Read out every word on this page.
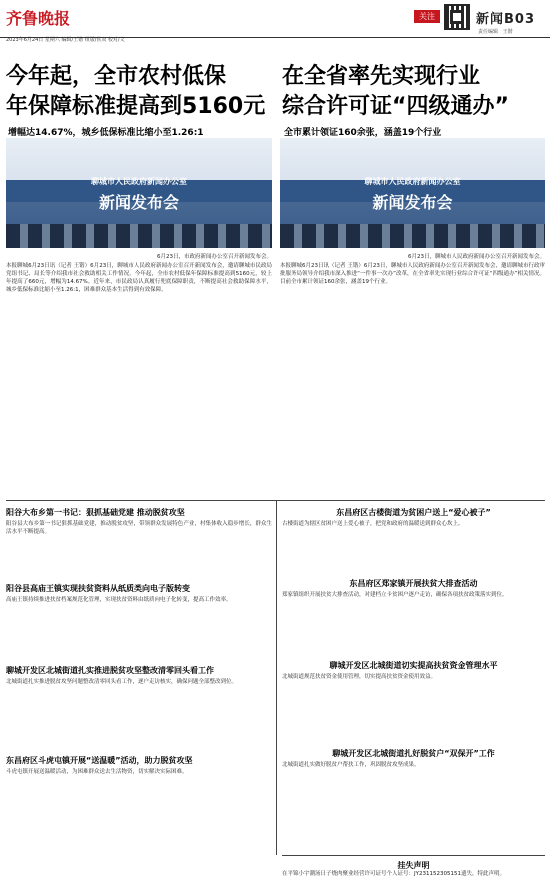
齐鲁晚报	关注	新闻B03
责任编辑 王锴
2023年6月24日 星期六 编辑/王锴 组版/侯双 校对/文
今年起，全市农村低保
年保障标准提高到5160元
增幅达14.67%，城乡低保标准比缩小至1.26:1
在全省率先实现行业
综合许可证“四级通办”
全市累计领证160余张，涵盖19个行业
聊城市人民政府新闻办公室
新闻发布会
6月23日，市政府新闻办公室召开新闻发布会。
聊城市人民政府新闻办公室
新闻发布会
6月23日，聊城市人民政府新闻办公室召开新闻发布会。
本报聊城6月23日讯（记者 王锴）6月23日，聊城市人民政府新闻办公室召开新闻发布会，邀请聊城市民政局党组书记、局长等介绍我市社会救助相关工作情况。今年起，全市农村低保年保障标准提高到5160元，较上年提高了660元，增幅为14.67%。近年来，市民政局认真履行兜底保障职责，不断提高社会救助保障水平，城乡低保标准比缩小至1.26:1，困难群众基本生活得到有效保障。
本报聊城6月23日讯（记者 王锴）6月23日，聊城市人民政府新闻办公室召开新闻发布会，邀请聊城市行政审批服务局领导介绍我市深入推进“一件事一次办”改革，在全省率先实现行业综合许可证“四级通办”相关情况。目前全市累计领证160余张，涵盖19个行业。
阳谷大布乡第一书记：狠抓基础党建 推动脱贫攻坚
阳谷县大布乡第一书记狠抓基础党建，推动脱贫攻坚，带领群众发展特色产业，村集体收入稳步增长，群众生活水平不断提高。
阳谷县高庙王镇实现扶贫资料从纸质类向电子版转变
高庙王镇持续推进扶贫档案规范化管理，实现扶贫资料由纸质向电子化转变，提高工作效率。
聊城开发区北城街道扎实推进脱贫攻坚整改清零回头看工作
北城街道扎实推进脱贫攻坚问题整改清零回头看工作，逐户走访核实，确保问题全部整改到位。
东昌府区斗虎屯镇开展“送温暖”活动，助力脱贫攻坚
斗虎屯镇开展送温暖活动，为困难群众送去生活物资，切实解决实际困难。
东昌府区古楼街道为贫困户送上“爱心被子”
古楼街道为辖区贫困户送上爱心被子，把党和政府的温暖送到群众心坎上。
东昌府区郑家镇开展扶贫大排查活动
郑家镇组织开展扶贫大排查活动，对建档立卡贫困户逐户走访，确保各项扶贫政策落实到位。
聊城开发区北城街道切实提高扶贫资金管理水平
北城街道规范扶贫资金使用管理，切实提高扶贫资金使用效益。
聊城开发区北城街道扎好脱贫户“双保开”工作
北城街道扎实做好脱贫户帮扶工作，巩固脱贫攻坚成果。
挂失声明
在平锦小宇潮汤日子烧肉聚业经营许可证号个人证号：JY231152305151遗失，特此声明。
